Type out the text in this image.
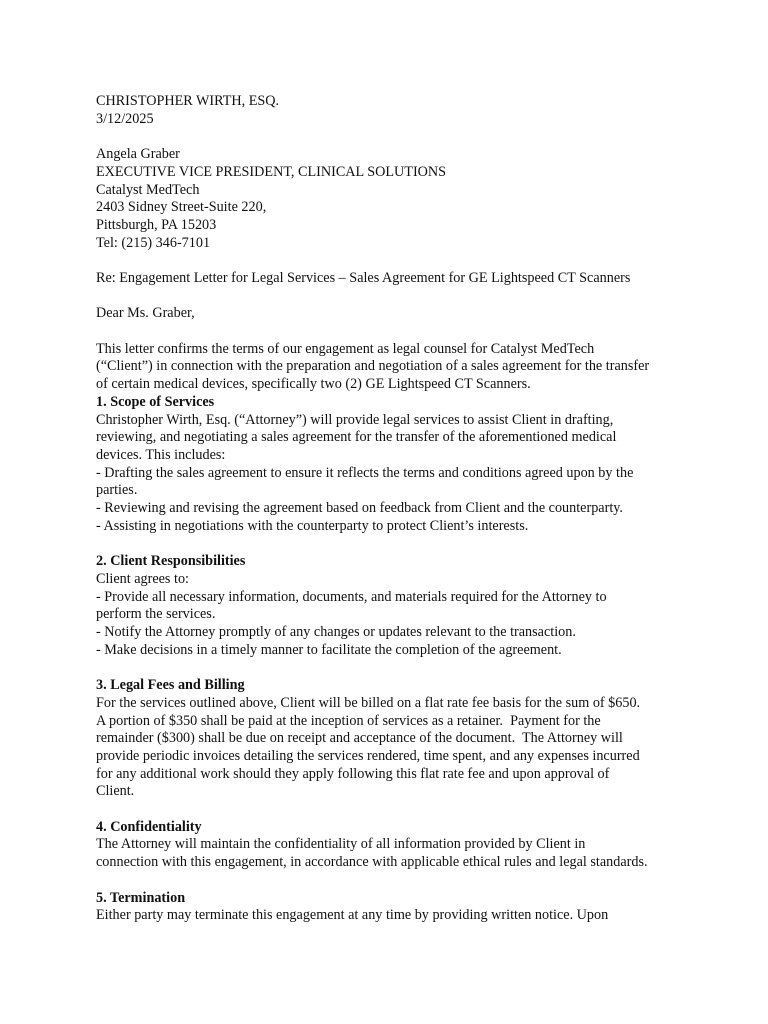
CHRISTOPHER WIRTH, ESQ.
3/12/2025
Angela Graber
EXECUTIVE VICE PRESIDENT, CLINICAL SOLUTIONS
Catalyst MedTech
2403 Sidney Street-Suite 220,
Pittsburgh, PA 15203
Tel: (215) 346-7101
Re: Engagement Letter for Legal Services – Sales Agreement for GE Lightspeed CT Scanners
Dear Ms. Graber,
This letter confirms the terms of our engagement as legal counsel for Catalyst MedTech
(“Client”) in connection with the preparation and negotiation of a sales agreement for the transfer
of certain medical devices, specifically two (2) GE Lightspeed CT Scanners.
1. Scope of Services
Christopher Wirth, Esq. (“Attorney”) will provide legal services to assist Client in drafting,
reviewing, and negotiating a sales agreement for the transfer of the aforementioned medical
devices. This includes:
- Drafting the sales agreement to ensure it reflects the terms and conditions agreed upon by the
parties.
- Reviewing and revising the agreement based on feedback from Client and the counterparty.
- Assisting in negotiations with the counterparty to protect Client’s interests.
2. Client Responsibilities
Client agrees to:
- Provide all necessary information, documents, and materials required for the Attorney to
perform the services.
- Notify the Attorney promptly of any changes or updates relevant to the transaction.
- Make decisions in a timely manner to facilitate the completion of the agreement.
3. Legal Fees and Billing
For the services outlined above, Client will be billed on a flat rate fee basis for the sum of $650.
A portion of $350 shall be paid at the inception of services as a retainer.  Payment for the
remainder ($300) shall be due on receipt and acceptance of the document.  The Attorney will
provide periodic invoices detailing the services rendered, time spent, and any expenses incurred
for any additional work should they apply following this flat rate fee and upon approval of
Client.
4. Confidentiality
The Attorney will maintain the confidentiality of all information provided by Client in
connection with this engagement, in accordance with applicable ethical rules and legal standards.
5. Termination
Either party may terminate this engagement at any time by providing written notice. Upon
